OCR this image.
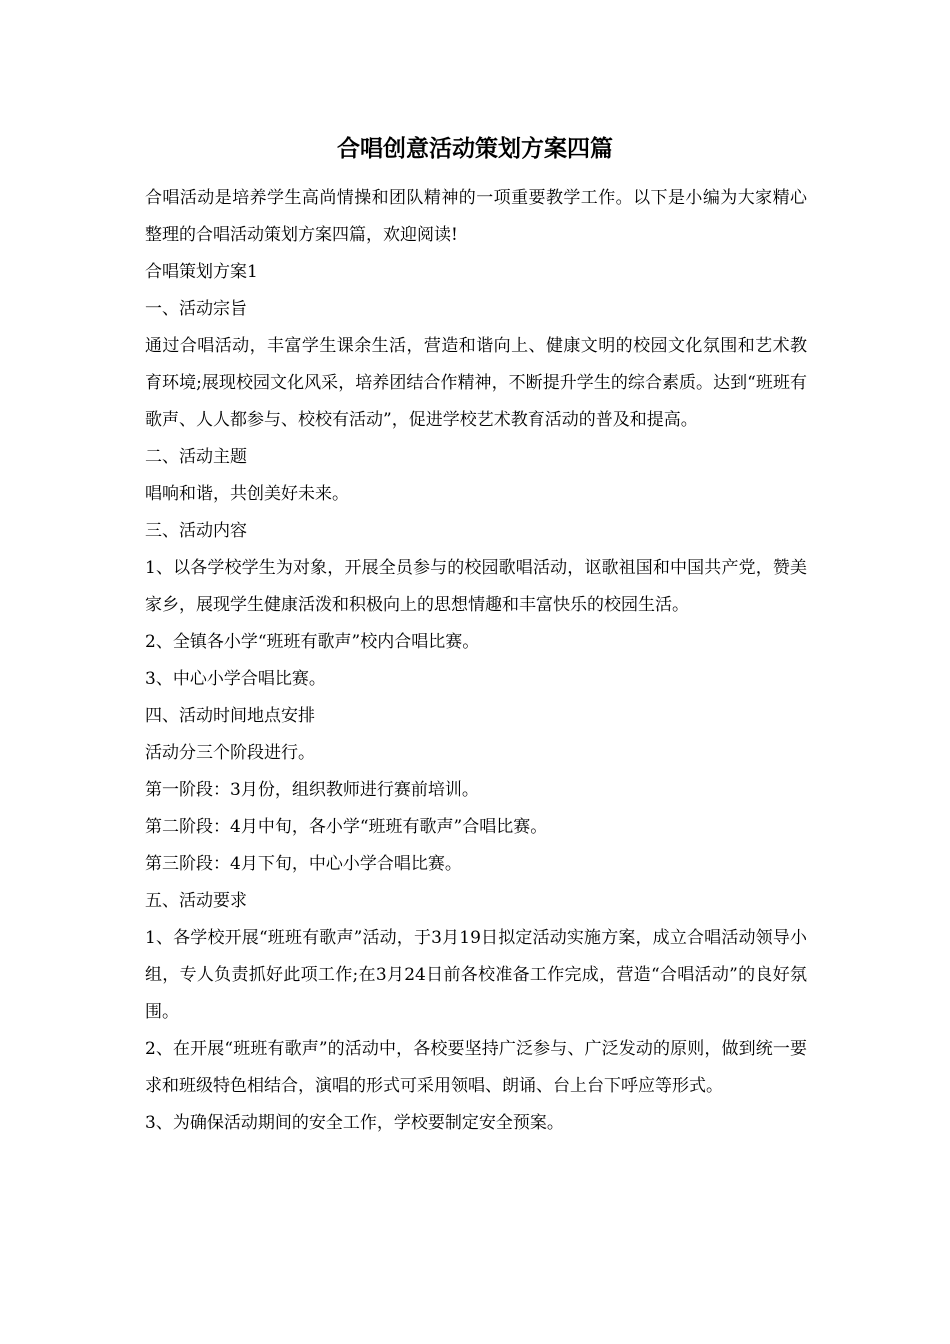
合唱创意活动策划方案四篇

合唱活动是培养学生高尚情操和团队精神的一项重要教学工作。以下是小编为大家精心整理的合唱活动策划方案四篇，欢迎阅读!

合唱策划方案1

一、活动宗旨

通过合唱活动，丰富学生课余生活，营造和谐向上、健康文明的校园文化氛围和艺术教育环境;展现校园文化风采，培养团结合作精神，不断提升学生的综合素质。达到“班班有歌声、人人都参与、校校有活动”，促进学校艺术教育活动的普及和提高。

二、活动主题

唱响和谐，共创美好未来。

三、活动内容

1、以各学校学生为对象，开展全员参与的校园歌唱活动，讴歌祖国和中国共产党，赞美家乡，展现学生健康活泼和积极向上的思想情趣和丰富快乐的校园生活。

2、全镇各小学“班班有歌声”校内合唱比赛。

3、中心小学合唱比赛。

四、活动时间地点安排

活动分三个阶段进行。

第一阶段：3月份，组织教师进行赛前培训。

第二阶段：4月中旬，各小学“班班有歌声”合唱比赛。

第三阶段：4月下旬，中心小学合唱比赛。

五、活动要求

1、各学校开展“班班有歌声”活动，于3月19日拟定活动实施方案，成立合唱活动领导小组，专人负责抓好此项工作;在3月24日前各校准备工作完成，营造“合唱活动”的良好氛围。

2、在开展“班班有歌声”的活动中，各校要坚持广泛参与、广泛发动的原则，做到统一要求和班级特色相结合，演唱的形式可采用领唱、朗诵、台上台下呼应等形式。

3、为确保活动期间的安全工作，学校要制定安全预案。
